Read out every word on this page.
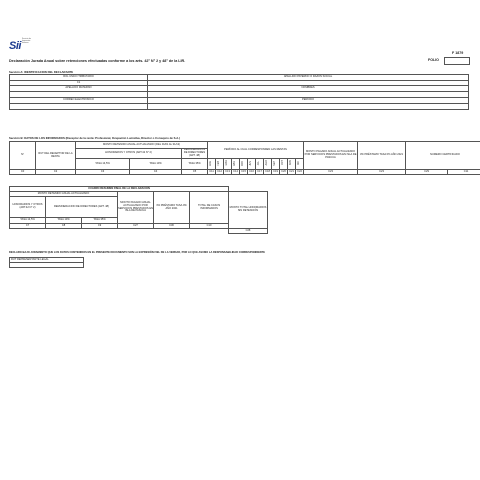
Sii
Servicio de Impuestos Internos
F 1879
FOLIO
Declaración Jurada Anual sobre retenciones efectuadas conforme a los arts. 42° N° 2 y 48° de la LIR.
Sección A: IDENTIFICACION DEL DECLARANTE
ROL UNICO TRIBUTARIO	APELLIDO PATERNO O RAZON SOCIAL
C1	
APELLIDO MATERNO	NOMBRES

CORREO ELECTRÓNICO	PERIODO

Sección B: DATOS DE LOS INFORMADOS (Receptor de la renta: Profesional, Ocupación Lucrativa, Director o Consejero de S.A.)
Nº	RUT DEL RECEPTOR DE LA RENTA	MONTO RETENIDO ANUAL ACTUALIZADO (DEL 01/01 AL 31/12)			PERÍODO AL CUAL CORRESPONDEN LAS RENTAS												MONTO PAGADO ANUAL ACTUALIZADO POR SERVICIOS PRESTADOS EN ISLA DE PASCUA	3% PRÉSTAMO TASA 0% AÑO 2021	NUMERO CERTIFICADO	
		HONORARIOS Y OTROS (ART.42 N° 2)		REMUNERACION DE DIRECTORES (ART. 48)																
		TASA 14,5%	TASA 10%	TASA 35%	ENE	FEB	MAR	ABR	MAY	JUN	JUL	AGO	SEP	OCT	NOV	DIC				
C0	C2	C3	C4	C5	C11	C12	C13	C14	C15	C16	C17	C18	C19	C20	C21	C22	C23	C23	C29	C11
CUADRO RESUMEN FINAL DE LA DECLARACIÓN					
MONTO RETENIDO ANUAL ACTUALIZADO			MONTO PAGADO ANUAL ACTUALIZADO POR SERVICIOS PRESTADOS EN ISLA DE PASCUA	3% PRÉSTAMO TASA 0% AÑO 2021	TOTAL DE CASOS INFORMADOS
HONORARIOS Y OTROS (ART.42 N° 2)	REMUNERACION DE DIRECTORES (ART. 48)				
TASA 14,5%	TASA 10%	TASA 35%			
C7	C8	C9	C27	C30	C10
MONTO TOTAL HONORARIOS SIN RETENCIÓN
C28
DECLARO BAJO JURAMENTO QUE LOS DATOS CONTENIDOS EN EL PRESENTE DOCUMENTO SON LA EXPRESIÓN FIEL DE LA VERDAD, POR LO QUE ASUMO LA RESPONSABILIDAD CORRESPONDIENTE
RUT REPRESENTANTE LEGAL
